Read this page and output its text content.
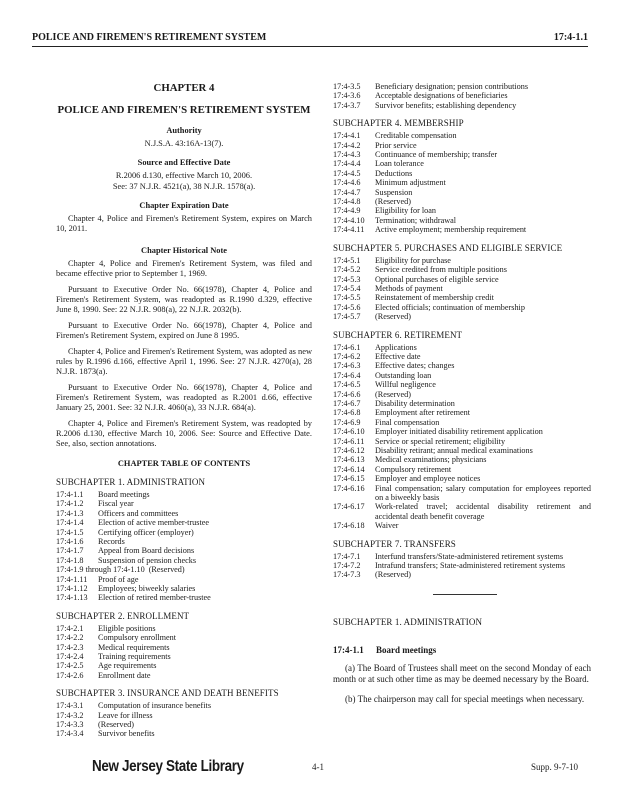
POLICE AND FIREMEN'S RETIREMENT SYSTEM	17:4-1.1
CHAPTER 4
POLICE AND FIREMEN'S RETIREMENT SYSTEM
Authority
N.J.S.A. 43:16A-13(7).
Source and Effective Date
R.2006 d.130, effective March 10, 2006.
See: 37 N.J.R. 4521(a), 38 N.J.R. 1578(a).
Chapter Expiration Date
Chapter 4, Police and Firemen's Retirement System, expires on March 10, 2011.
Chapter Historical Note

Chapter 4, Police and Firemen's Retirement System, was filed and became effective prior to September 1, 1969.

Pursuant to Executive Order No. 66(1978), Chapter 4, Police and Firemen's Retirement System, was readopted as R.1990 d.329, effective June 8, 1990. See: 22 N.J.R. 908(a), 22 N.J.R. 2032(b).

Pursuant to Executive Order No. 66(1978), Chapter 4, Police and Firemen's Retirement System, expired on June 8 1995.

Chapter 4, Police and Firemen's Retirement System, was adopted as new rules by R.1996 d.166, effective April 1, 1996. See: 27 N.J.R. 4270(a), 28 N.J.R. 1873(a).

Pursuant to Executive Order No. 66(1978), Chapter 4, Police and Firemen's Retirement System, was readopted as R.2001 d.66, effective January 25, 2001. See: 32 N.J.R. 4060(a), 33 N.J.R. 684(a).

Chapter 4, Police and Firemen's Retirement System, was readopted by R.2006 d.130, effective March 10, 2006. See: Source and Effective Date. See, also, section annotations.

CHAPTER TABLE OF CONTENTS
SUBCHAPTER 1. ADMINISTRATION
17:4-1.1	Board meetings
17:4-1.2	Fiscal year
17:4-1.3	Officers and committees
17:4-1.4	Election of active member-trustee
17:4-1.5	Certifying officer (employer)
17:4-1.6	Records
17:4-1.7	Appeal from Board decisions
17:4-1.8	Suspension of pension checks
17:4-1.9 through 17:4-1.10 (Reserved)
17:4-1.11	Proof of age
17:4-1.12	Employees; biweekly salaries
17:4-1.13	Election of retired member-trustee
SUBCHAPTER 2. ENROLLMENT
17:4-2.1	Eligible positions
17:4-2.2	Compulsory enrollment
17:4-2.3	Medical requirements
17:4-2.4	Training requirements
17:4-2.5	Age requirements
17:4-2.6	Enrollment date
SUBCHAPTER 3. INSURANCE AND DEATH BENEFITS
17:4-3.1	Computation of insurance benefits
17:4-3.2	Leave for illness
17:4-3.3	(Reserved)
17:4-3.4	Survivor benefits
17:4-3.5	Beneficiary designation; pension contributions
17:4-3.6	Acceptable designations of beneficiaries
17:4-3.7	Survivor benefits; establishing dependency
SUBCHAPTER 4. MEMBERSHIP
17:4-4.1	Creditable compensation
17:4-4.2	Prior service
17:4-4.3	Continuance of membership; transfer
17:4-4.4	Loan tolerance
17:4-4.5	Deductions
17:4-4.6	Minimum adjustment
17:4-4.7	Suspension
17:4-4.8	(Reserved)
17:4-4.9	Eligibility for loan
17:4-4.10	Termination; withdrawal
17:4-4.11	Active employment; membership requirement
SUBCHAPTER 5. PURCHASES AND ELIGIBLE SERVICE
17:4-5.1	Eligibility for purchase
17:4-5.2	Service credited from multiple positions
17:4-5.3	Optional purchases of eligible service
17:4-5.4	Methods of payment
17:4-5.5	Reinstatement of membership credit
17:4-5.6	Elected officials; continuation of membership
17:4-5.7	(Reserved)
SUBCHAPTER 6. RETIREMENT
17:4-6.1	Applications
17:4-6.2	Effective date
17:4-6.3	Effective dates; changes
17:4-6.4	Outstanding loan
17:4-6.5	Willful negligence
17:4-6.6	(Reserved)
17:4-6.7	Disability determination
17:4-6.8	Employment after retirement
17:4-6.9	Final compensation
17:4-6.10	Employer initiated disability retirement application
17:4-6.11	Service or special retirement; eligibility
17:4-6.12	Disability retirant; annual medical examinations
17:4-6.13	Medical examinations; physicians
17:4-6.14	Compulsory retirement
17:4-6.15	Employer and employee notices
17:4-6.16	Final compensation; salary computation for employees reported on a biweekly basis
17:4-6.17	Work-related travel; accidental disability retirement and accidental death benefit coverage
17:4-6.18	Waiver
SUBCHAPTER 7. TRANSFERS
17:4-7.1	Interfund transfers/State-administered retirement systems
17:4-7.2	Intrafund transfers; State-administered retirement systems
17:4-7.3	(Reserved)
SUBCHAPTER 1. ADMINISTRATION
17:4-1.1 Board meetings

(a) The Board of Trustees shall meet on the second Monday of each month or at such other time as may be deemed necessary by the Board.

(b) The chairperson may call for special meetings when necessary.

New Jersey State Library	4-1	Supp. 9-7-10
